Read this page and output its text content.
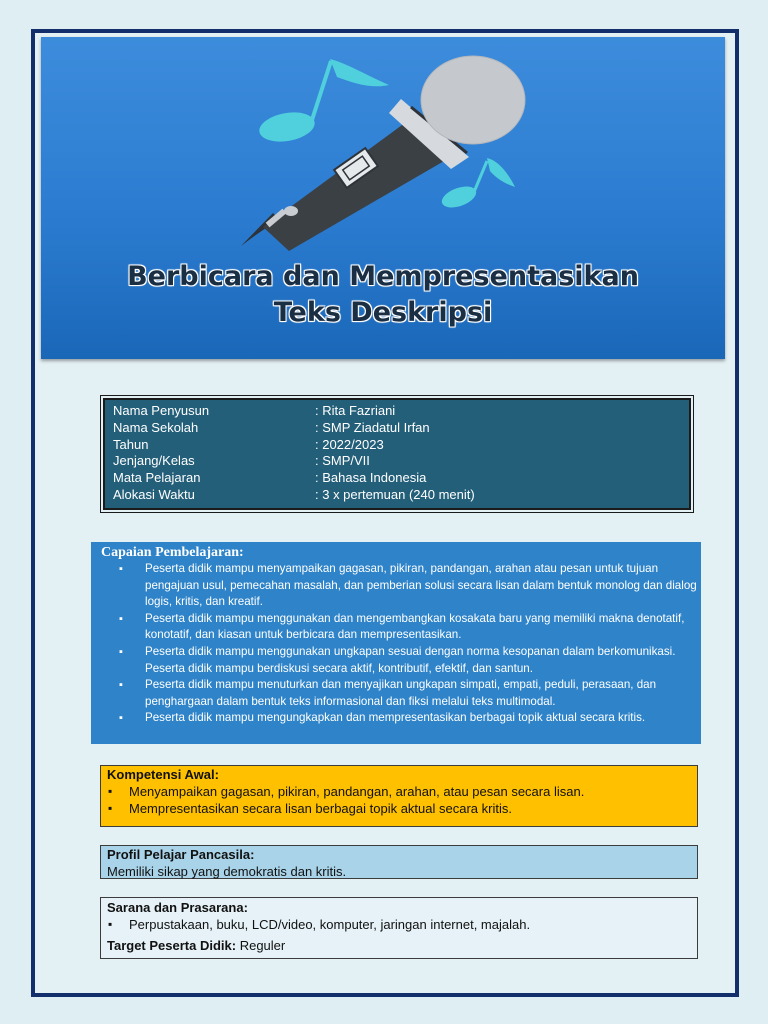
Berbicara dan Mempresentasikan
Teks Deskripsi
Nama Penyusun	: Rita Fazriani
Nama Sekolah	: SMP Ziadatul Irfan
Tahun	: 2022/2023
Jenjang/Kelas	: SMP/VII
Mata Pelajaran	: Bahasa Indonesia
Alokasi Waktu	: 3 x pertemuan (240 menit)
Capaian Pembelajaran:
▪ Peserta didik mampu menyampaikan gagasan, pikiran, pandangan, arahan atau pesan untuk tujuan pengajuan usul, pemecahan masalah, dan pemberian solusi secara lisan dalam bentuk monolog dan dialog logis, kritis, dan kreatif.
▪ Peserta didik mampu menggunakan dan mengembangkan kosakata baru yang memiliki makna denotatif, konotatif, dan kiasan untuk berbicara dan mempresentasikan.
▪ Peserta didik mampu menggunakan ungkapan sesuai dengan norma kesopanan dalam berkomunikasi. Peserta didik mampu berdiskusi secara aktif, kontributif, efektif, dan santun.
▪ Peserta didik mampu menuturkan dan menyajikan ungkapan simpati, empati, peduli, perasaan, dan penghargaan dalam bentuk teks informasional dan fiksi melalui teks multimodal.
▪ Peserta didik mampu mengungkapkan dan mempresentasikan berbagai topik aktual secara kritis.
Kompetensi Awal:
▪ Menyampaikan gagasan, pikiran, pandangan, arahan, atau pesan secara lisan.
▪ Mempresentasikan secara lisan berbagai topik aktual secara kritis.
Profil Pelajar Pancasila:
Memiliki sikap yang demokratis dan kritis.
Sarana dan Prasarana:
▪ Perpustakaan, buku, LCD/video, komputer, jaringan internet, majalah.
Target Peserta Didik: Reguler
